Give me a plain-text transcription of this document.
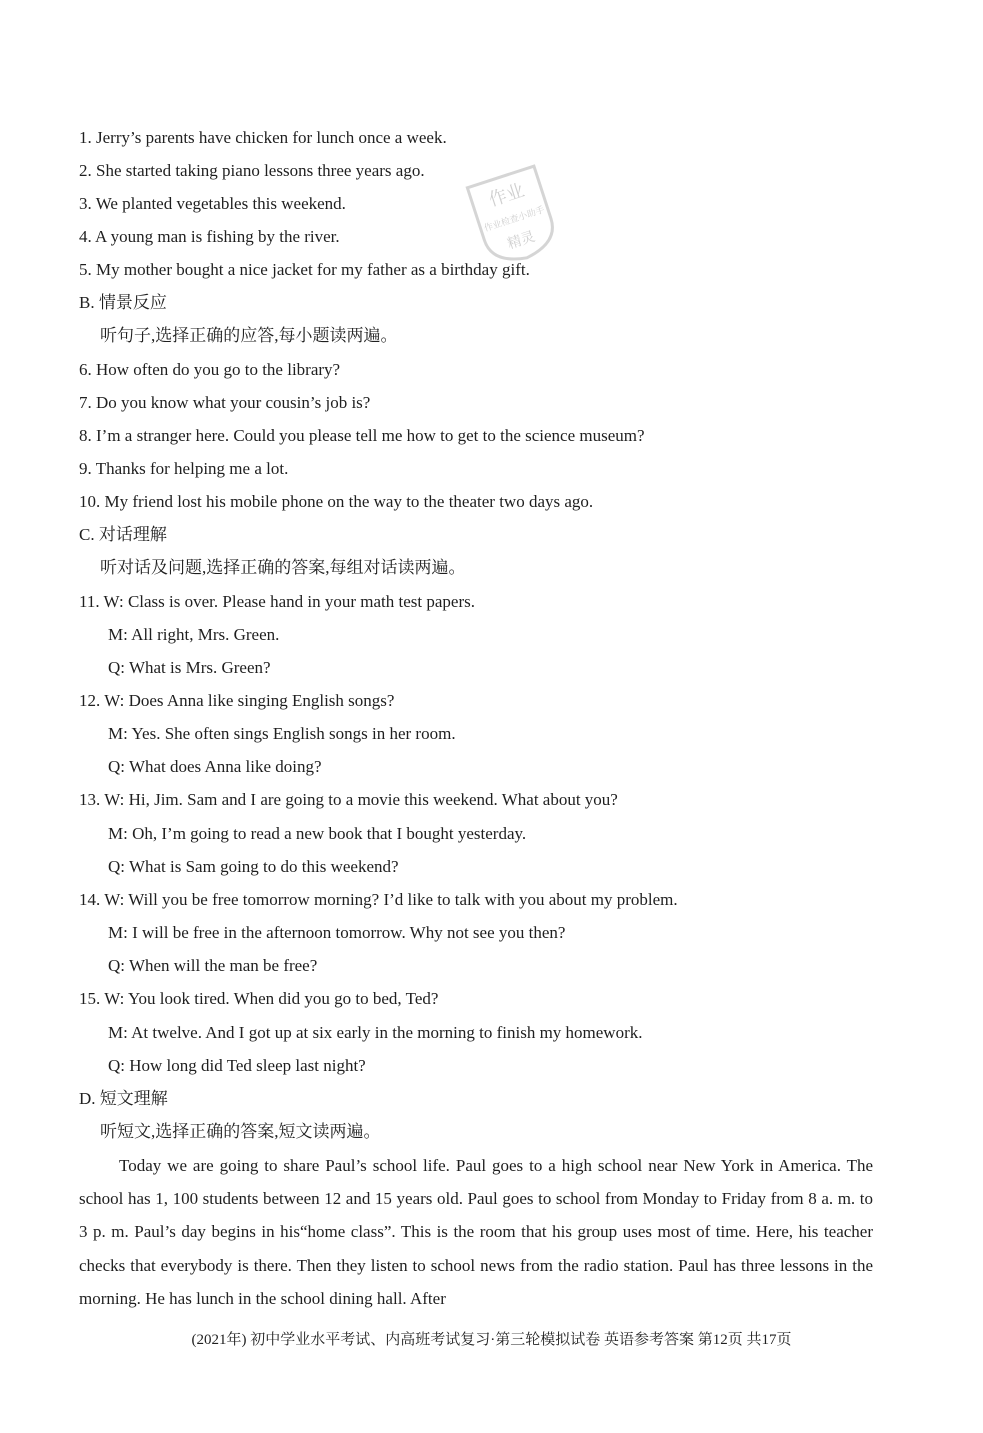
1. Jerry’s parents have chicken for lunch once a week.
2. She started taking piano lessons three years ago.
3. We planted vegetables this weekend.
4. A young man is fishing by the river.
5. My mother bought a nice jacket for my father as a birthday gift.
作业
作业检查小助手
精灵
B. 情景反应
听句子,选择正确的应答,每小题读两遍。
6. How often do you go to the library?
7. Do you know what your cousin’s job is?
8. I’m a stranger here. Could you please tell me how to get to the science museum?
9. Thanks for helping me a lot.
10. My friend lost his mobile phone on the way to the theater two days ago.
C. 对话理解
听对话及问题,选择正确的答案,每组对话读两遍。
11. W: Class is over. Please hand in your math test papers.
M: All right, Mrs. Green.
Q: What is Mrs. Green?
12. W: Does Anna like singing English songs?
M: Yes. She often sings English songs in her room.
Q: What does Anna like doing?
13. W: Hi, Jim. Sam and I are going to a movie this weekend. What about you?
M: Oh, I’m going to read a new book that I bought yesterday.
Q: What is Sam going to do this weekend?
14. W: Will you be free tomorrow morning? I’d like to talk with you about my problem.
M: I will be free in the afternoon tomorrow. Why not see you then?
Q: When will the man be free?
15. W: You look tired. When did you go to bed, Ted?
M: At twelve. And I got up at six early in the morning to finish my homework.
Q: How long did Ted sleep last night?
D. 短文理解
听短文,选择正确的答案,短文读两遍。
Today we are going to share Paul’s school life. Paul goes to a high school near New York in America. The school has 1, 100 students between 12 and 15 years old. Paul goes to school from Monday to Friday from 8 a. m. to 3 p. m. Paul’s day begins in his“home class”. This is the room that his group uses most of time. Here, his teacher checks that everybody is there. Then they listen to school news from the radio station. Paul has three lessons in the morning. He has lunch in the school dining hall. After
(2021年) 初中学业水平考试、内高班考试复习·第三轮模拟试卷 英语参考答案 第12页 共17页
